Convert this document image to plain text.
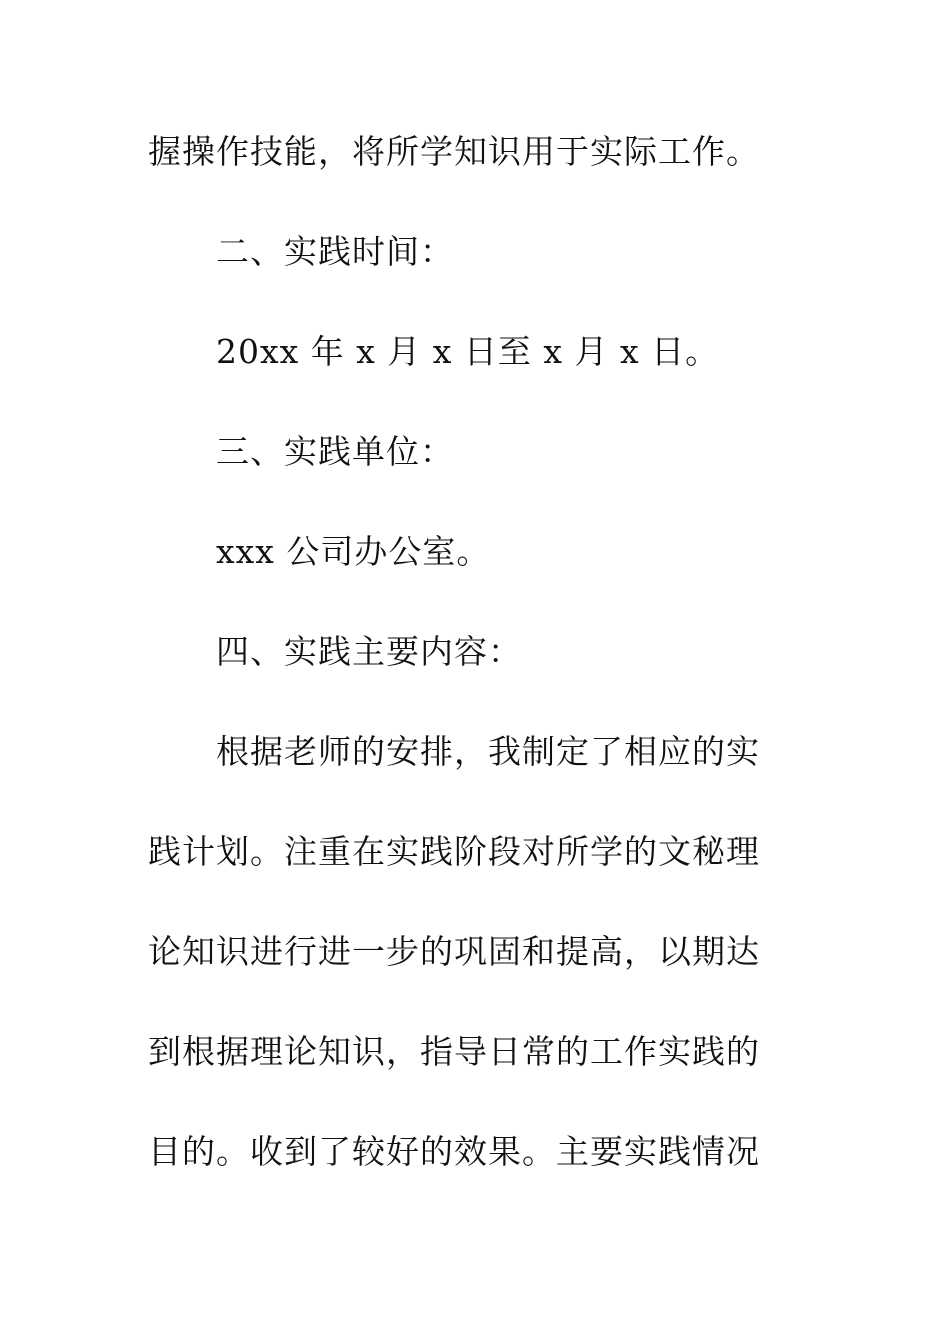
握操作技能，将所学知识用于实际工作。
二、实践时间：
20xx 年 x 月 x 日至 x 月 x 日。
三、实践单位：
xxx 公司办公室。
四、实践主要内容：
根据老师的安排，我制定了相应的实
践计划。注重在实践阶段对所学的文秘理
论知识进行进一步的巩固和提高，以期达
到根据理论知识，指导日常的工作实践的
目的。收到了较好的效果。主要实践情况
